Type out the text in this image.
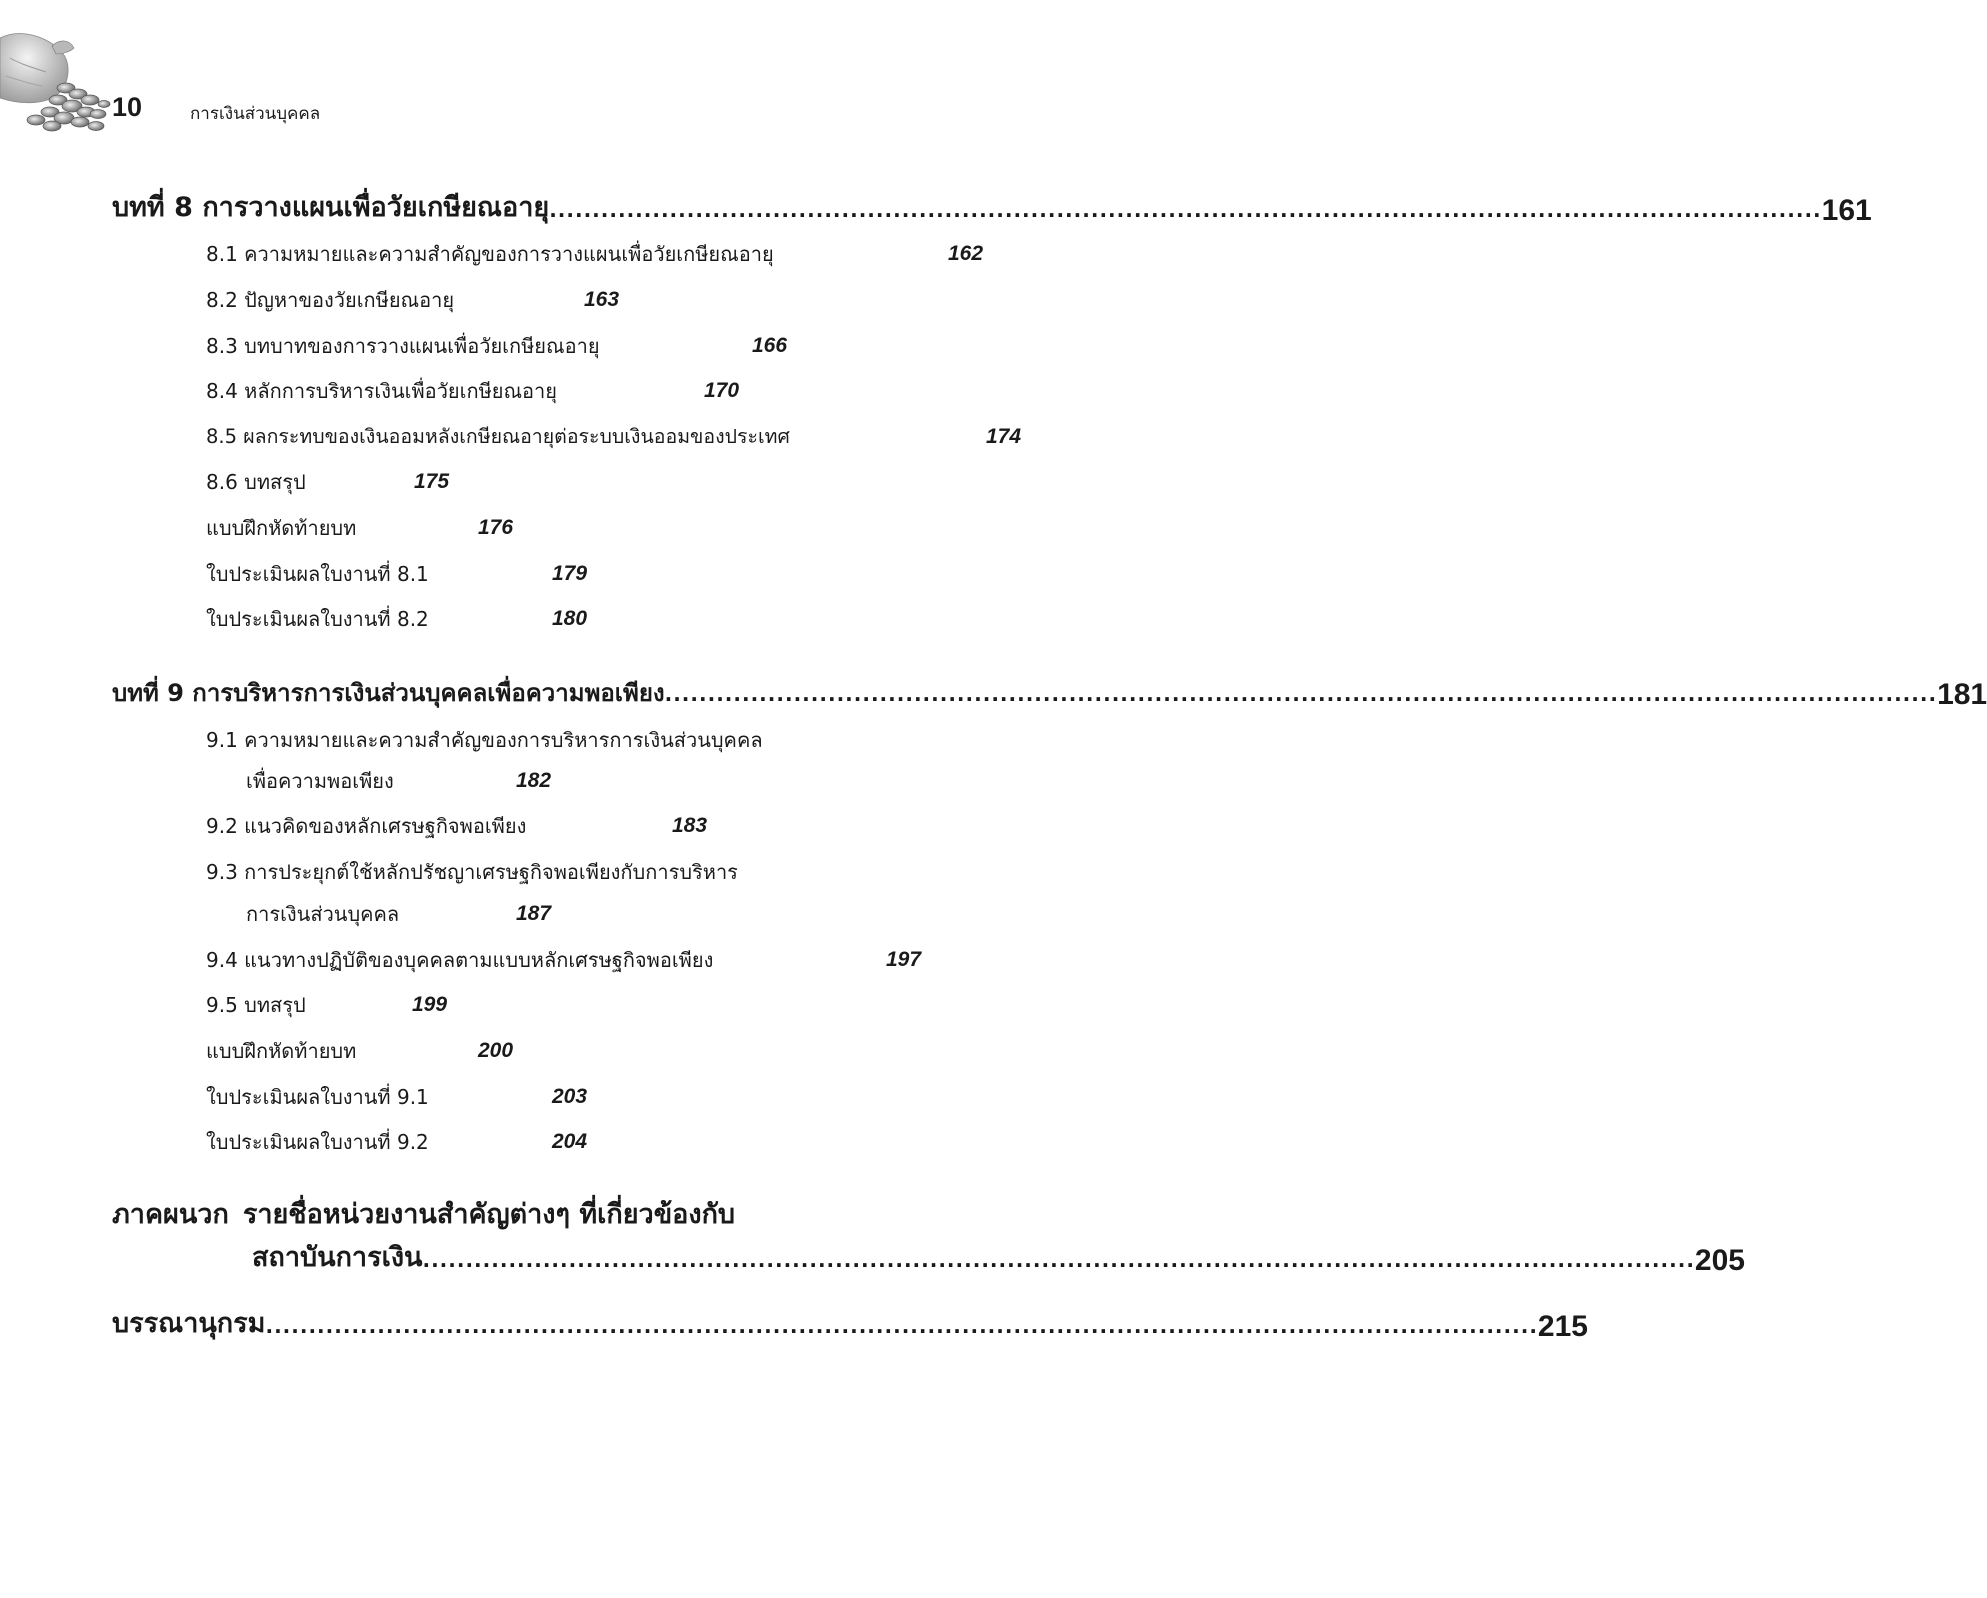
10	การเงินส่วนบุคคล
บทที่ 8 การวางแผนเพื่อวัยเกษียณอายุ .................................................................................................................................................... 161
8.1 ความหมายและความสำคัญของการวางแผนเพื่อวัยเกษียณอายุ	162
8.2 ปัญหาของวัยเกษียณอายุ	163
8.3 บทบาทของการวางแผนเพื่อวัยเกษียณอายุ	166
8.4 หลักการบริหารเงินเพื่อวัยเกษียณอายุ	170
8.5 ผลกระทบของเงินออมหลังเกษียณอายุต่อระบบเงินออมของประเทศ	174
8.6 บทสรุป	175
แบบฝึกหัดท้ายบท	176
ใบประเมินผลใบงานที่ 8.1	179
ใบประเมินผลใบงานที่ 8.2	180
บทที่ 9 การบริหารการเงินส่วนบุคคลเพื่อความพอเพียง .................................................................................................................................................... 181
9.1 ความหมายและความสำคัญของการบริหารการเงินส่วนบุคคล
เพื่อความพอเพียง	182
9.2 แนวคิดของหลักเศรษฐกิจพอเพียง	183
9.3 การประยุกต์ใช้หลักปรัชญาเศรษฐกิจพอเพียงกับการบริหาร
การเงินส่วนบุคคล	187
9.4 แนวทางปฏิบัติของบุคคลตามแบบหลักเศรษฐกิจพอเพียง	197
9.5 บทสรุป	199
แบบฝึกหัดท้ายบท	200
ใบประเมินผลใบงานที่ 9.1	203
ใบประเมินผลใบงานที่ 9.2	204
ภาคผนวก รายชื่อหน่วยงานสำคัญต่างๆ ที่เกี่ยวข้องกับ
สถาบันการเงิน .................................................................................................................................................... 205
บรรณานุกรม .................................................................................................................................................... 215
